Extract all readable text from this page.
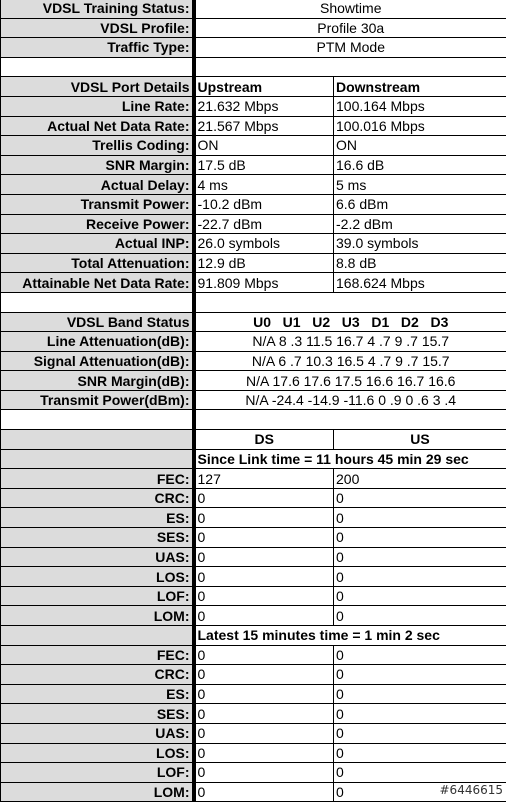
VDSL Training Status:	Showtime	
VDSL Profile:	Profile 30a	
Traffic Type:	PTM Mode	

VDSL Port Details	Upstream	Downstream
Line Rate:	21.632 Mbps	100.164 Mbps
Actual Net Data Rate:	21.567 Mbps	100.016 Mbps
Trellis Coding:	ON	ON
SNR Margin:	17.5 dB	16.6 dB
Actual Delay:	4 ms	5 ms
Transmit Power:	-10.2 dBm	6.6 dBm
Receive Power:	-22.7 dBm	-2.2 dBm
Actual INP:	26.0 symbols	39.0 symbols
Total Attenuation:	12.9 dB	8.8 dB
Attainable Net Data Rate:	91.809 Mbps	168.624 Mbps

VDSL Band Status	U0   U1   U2   U3   D1   D2   D3	
Line Attenuation(dB):	N/A 8 .3 11.5 16.7 4 .7 9 .7 15.7	
Signal Attenuation(dB):	N/A 6 .7 10.3 16.5 4 .7 9 .7 15.7	
SNR Margin(dB):	N/A 17.6 17.6 17.5 16.6 16.7 16.6	
Transmit Power(dBm):	N/A -24.4 -14.9 -11.6 0 .9 0 .6 3 .4	

	DS	US
	Since Link time = 11 hours 45 min 29 sec	
FEC:	127	200
CRC:	0	0
ES:	0	0
SES:	0	0
UAS:	0	0
LOS:	0	0
LOF:	0	0
LOM:	0	0
	Latest 15 minutes time = 1 min 2 sec	
FEC:	0	0
CRC:	0	0
ES:	0	0
SES:	0	0
UAS:	0	0
LOS:	0	0
LOF:	0	0
LOM:	0	0	#6446615
